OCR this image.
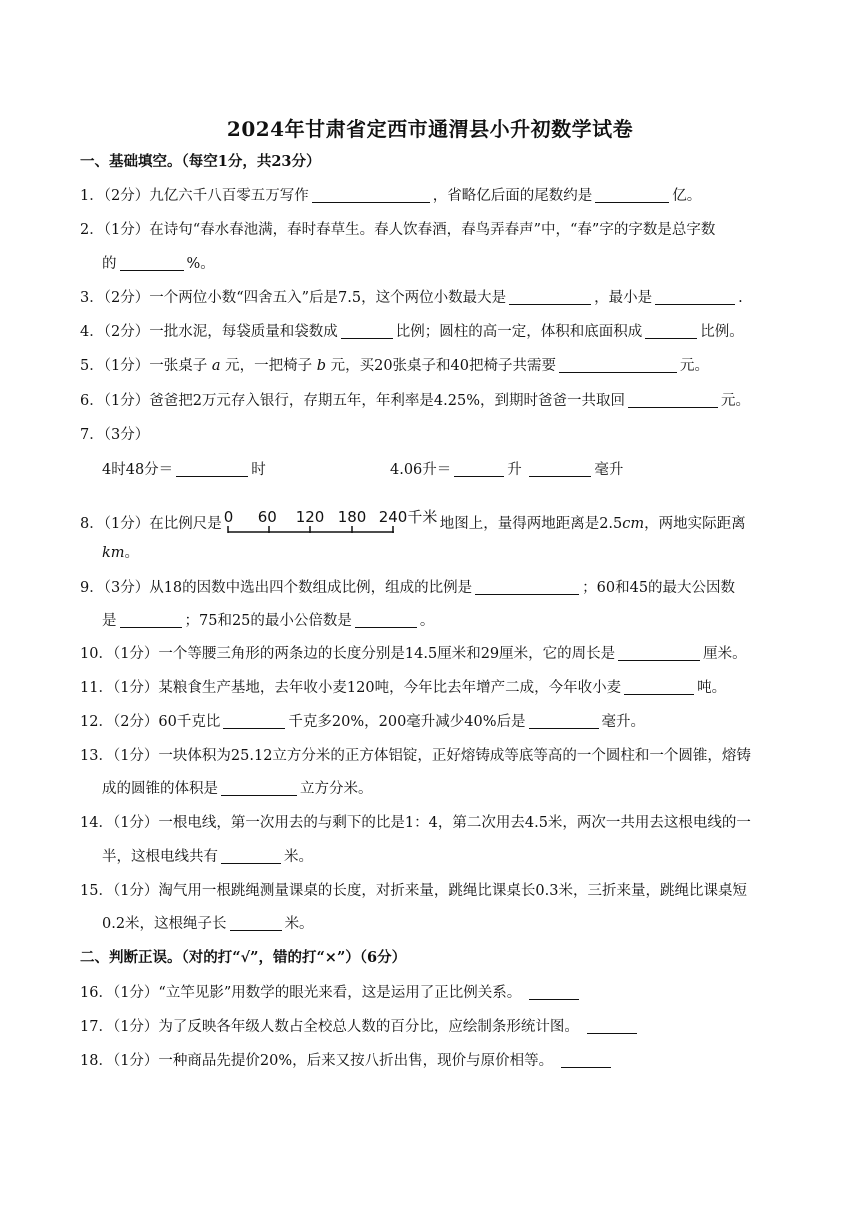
2024年甘肃省定西市通渭县小升初数学试卷
一、基础填空。（每空1分，共23分）
1．（2分）九亿六千八百零五万写作	，省略亿后面的尾数约是	亿。
2．（1分）在诗句“春水春池满，春时春草生。春人饮春酒，春鸟弄春声”中，“春”字的字数是总字数
的	%。
3．（2分）一个两位小数“四舍五入”后是7.5，这个两位小数最大是	，最小是	.
4．（2分）一批水泥，每袋质量和袋数成	比例；圆柱的高一定，体积和底面积成	比例。
5．（1分）一张桌子 a 元，一把椅子 b 元，买20张桌子和40把椅子共需要	元。
6．（1分）爸爸把2万元存入银行，存期五年，年利率是4.25%，到期时爸爸一共取回	元。
7．（3分）
4时48分＝	时	4.06升＝	升	毫升
8．（1分）在比例尺是 0 60 120 180 240千米 地图上，量得两地距离是2.5cm，两地实际距离
km。
9．（3分）从18的因数中选出四个数组成比例，组成的比例是	；60和45的最大公因数
是	；75和25的最小公倍数是	。
10．（1分）一个等腰三角形的两条边的长度分别是14.5厘米和29厘米，它的周长是	厘米。
11．（1分）某粮食生产基地，去年收小麦120吨，今年比去年增产二成，今年收小麦	吨。
12．（2分）60千克比	千克多20%，200毫升减少40%后是	毫升。
13．（1分）一块体积为25.12立方分米的正方体铝锭，正好熔铸成等底等高的一个圆柱和一个圆锥，熔铸
成的圆锥的体积是	立方分米。
14．（1分）一根电线，第一次用去的与剩下的比是1：4，第二次用去4.5米，两次一共用去这根电线的一
半，这根电线共有	米。
15．（1分）淘气用一根跳绳测量课桌的长度，对折来量，跳绳比课桌长0.3米，三折来量，跳绳比课桌短
0.2米，这根绳子长	米。
二、判断正误。（对的打“√”，错的打“×”）（6分）
16．（1分）“立竿见影”用数学的眼光来看，这是运用了正比例关系。
17．（1分）为了反映各年级人数占全校总人数的百分比，应绘制条形统计图。
18．（1分）一种商品先提价20%，后来又按八折出售，现价与原价相等。
